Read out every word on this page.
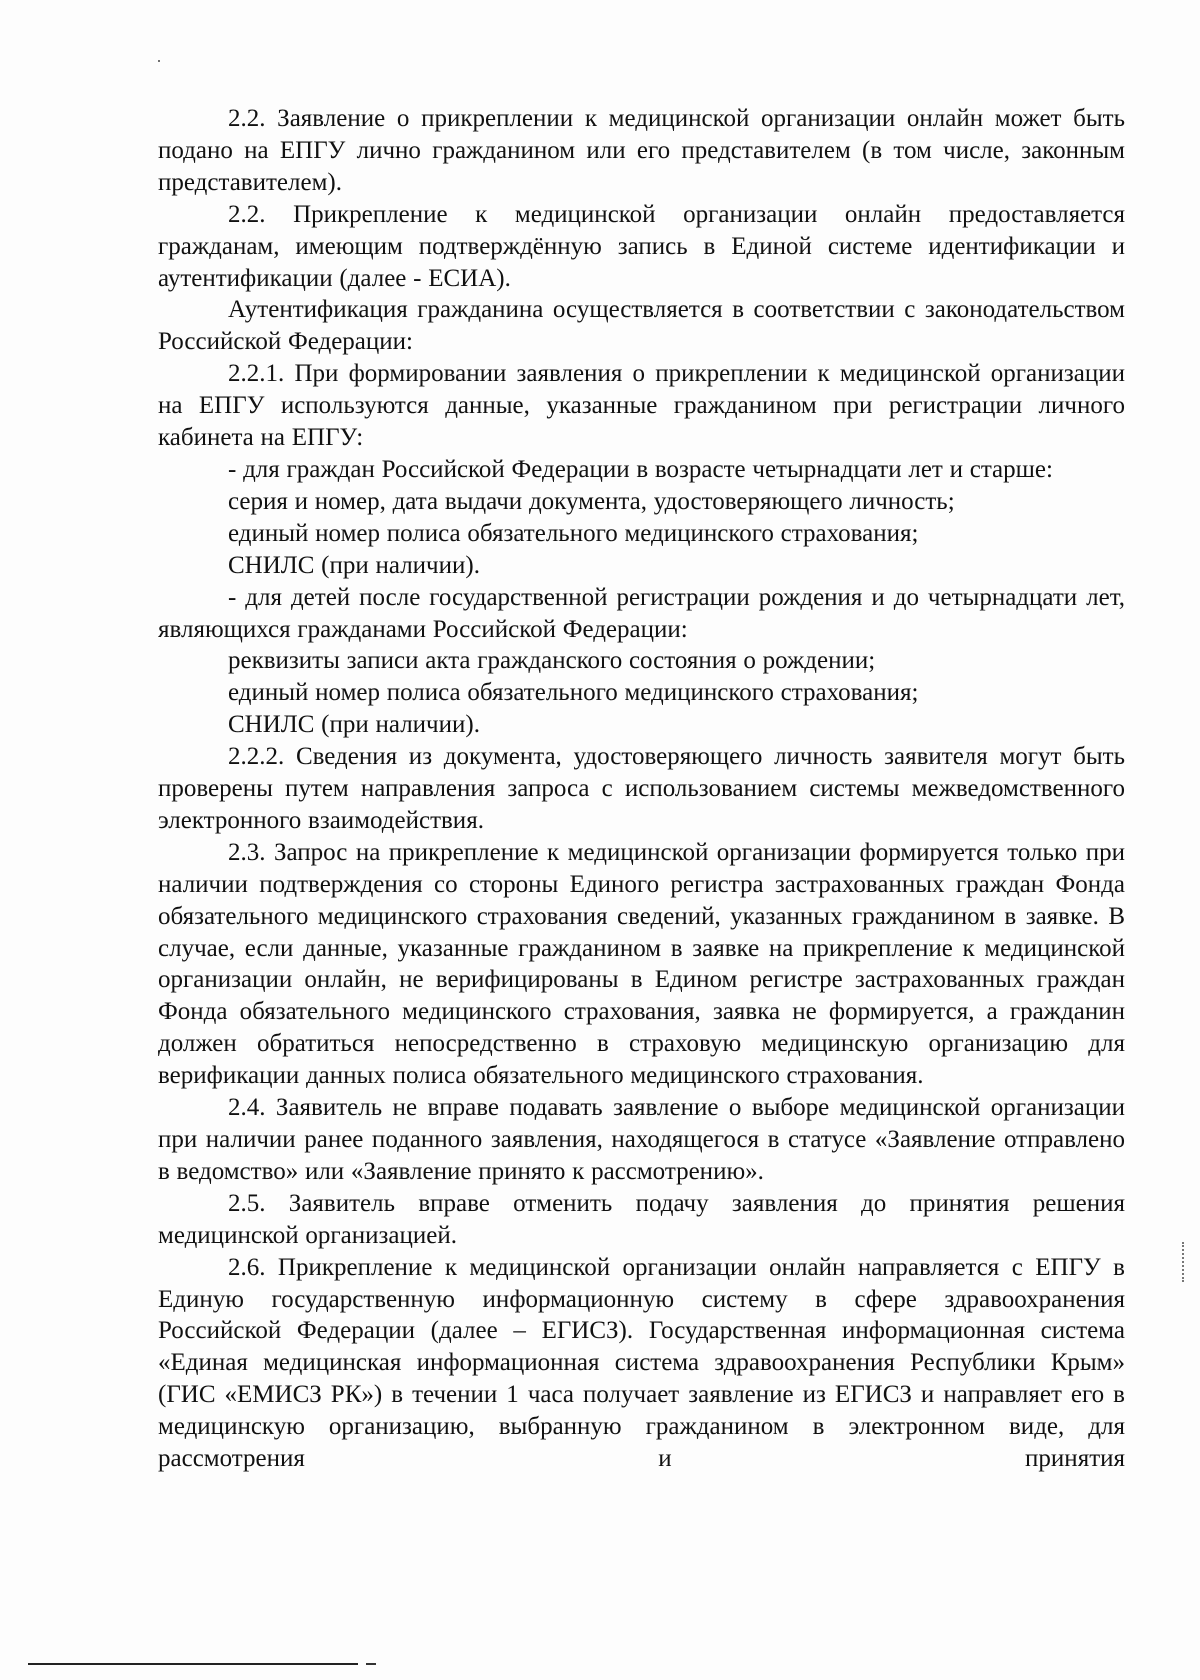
2.2. Заявление о прикреплении к медицинской организации онлайн может быть подано на ЕПГУ лично гражданином или его представителем (в том числе, законным представителем).

2.2. Прикрепление к медицинской организации онлайн предоставляется гражданам, имеющим подтверждённую запись в Единой системе идентификации и аутентификации (далее - ЕСИА).

Аутентификация гражданина осуществляется в соответствии с законодательством Российской Федерации:

2.2.1. При формировании заявления о прикреплении к медицинской организации на ЕПГУ используются данные, указанные гражданином при регистрации личного кабинета на ЕПГУ:

- для граждан Российской Федерации в возрасте четырнадцати лет и старше:

серия и номер, дата выдачи документа, удостоверяющего личность;

единый номер полиса обязательного медицинского страхования;

СНИЛС (при наличии).

- для детей после государственной регистрации рождения и до четырнадцати лет, являющихся гражданами Российской Федерации:

реквизиты записи акта гражданского состояния о рождении;

единый номер полиса обязательного медицинского страхования;

СНИЛС (при наличии).

2.2.2. Сведения из документа, удостоверяющего личность заявителя могут быть проверены путем направления запроса с использованием системы межведомственного электронного взаимодействия.

2.3. Запрос на прикрепление к медицинской организации формируется только при наличии подтверждения со стороны Единого регистра застрахованных граждан Фонда обязательного медицинского страхования сведений, указанных гражданином в заявке. В случае, если данные, указанные гражданином в заявке на прикрепление к медицинской организации онлайн, не верифицированы в Едином регистре застрахованных граждан Фонда обязательного медицинского страхования, заявка не формируется, а гражданин должен обратиться непосредственно в страховую медицинскую организацию для верификации данных полиса обязательного медицинского страхования.

2.4. Заявитель не вправе подавать заявление о выборе медицинской организации при наличии ранее поданного заявления, находящегося в статусе «Заявление отправлено в ведомство» или «Заявление принято к рассмотрению».

2.5. Заявитель вправе отменить подачу заявления до принятия решения медицинской организацией.

2.6. Прикрепление к медицинской организации онлайн направляется с ЕПГУ в Единую государственную информационную систему в сфере здравоохранения Российской Федерации (далее – ЕГИСЗ). Государственная информационная система «Единая медицинская информационная система здравоохранения Республики Крым» (ГИС «ЕМИСЗ РК») в течении 1 часа получает заявление из ЕГИСЗ и направляет его в медицинскую организацию, выбранную гражданином в электронном виде, для рассмотрения и принятия
